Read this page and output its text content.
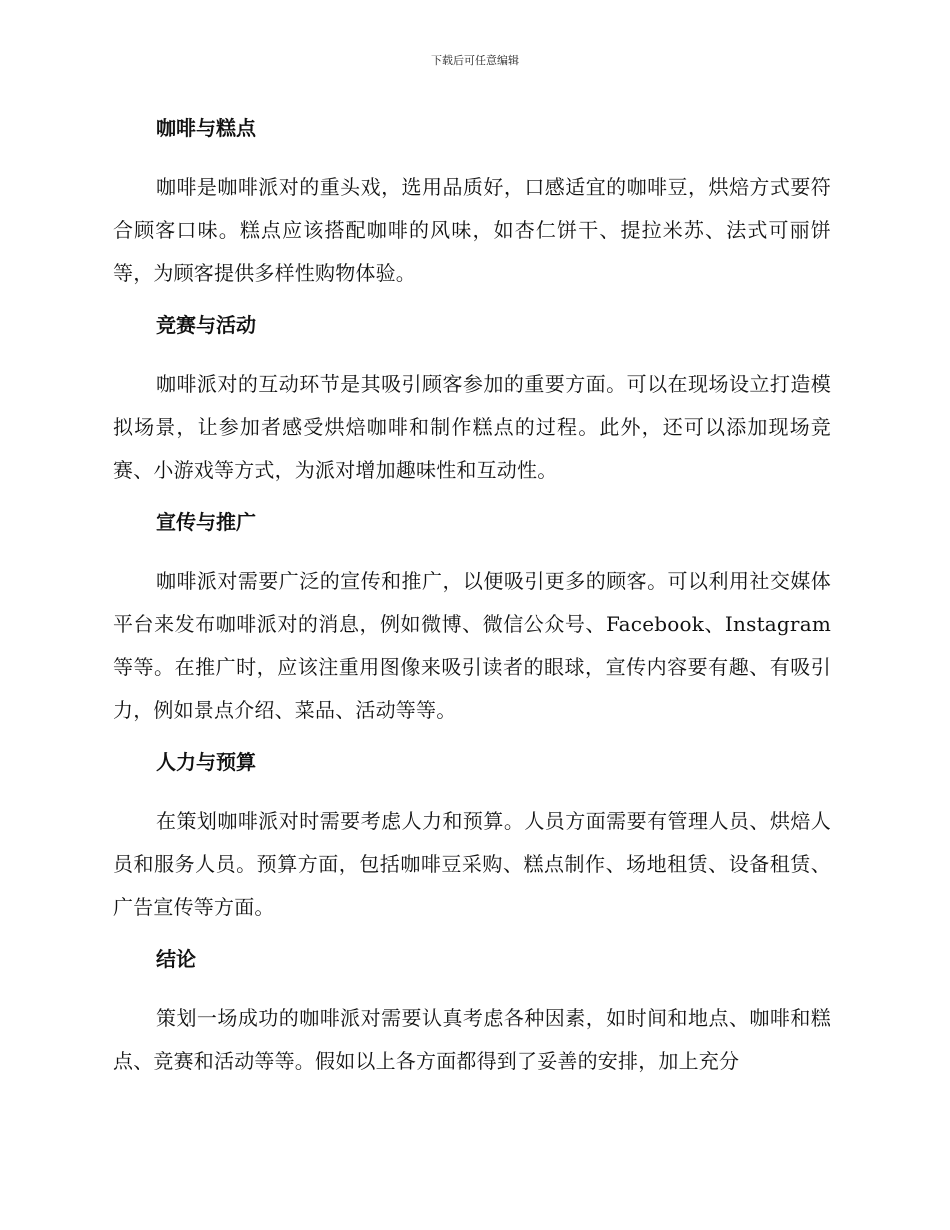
下载后可任意编辑
咖啡与糕点

咖啡是咖啡派对的重头戏，选用品质好，口感适宜的咖啡豆，烘焙方式要符合顾客口味。糕点应该搭配咖啡的风味，如杏仁饼干、提拉米苏、法式可丽饼等，为顾客提供多样性购物体验。

竞赛与活动

咖啡派对的互动环节是其吸引顾客参加的重要方面。可以在现场设立打造模拟场景，让参加者感受烘焙咖啡和制作糕点的过程。此外，还可以添加现场竞赛、小游戏等方式，为派对增加趣味性和互动性。

宣传与推广

咖啡派对需要广泛的宣传和推广，以便吸引更多的顾客。可以利用社交媒体平台来发布咖啡派对的消息，例如微博、微信公众号、Facebook、Instagram等等。在推广时，应该注重用图像来吸引读者的眼球，宣传内容要有趣、有吸引力，例如景点介绍、菜品、活动等等。

人力与预算

在策划咖啡派对时需要考虑人力和预算。人员方面需要有管理人员、烘焙人员和服务人员。预算方面，包括咖啡豆采购、糕点制作、场地租赁、设备租赁、广告宣传等方面。

结论

策划一场成功的咖啡派对需要认真考虑各种因素，如时间和地点、咖啡和糕点、竞赛和活动等等。假如以上各方面都得到了妥善的安排，加上充分
